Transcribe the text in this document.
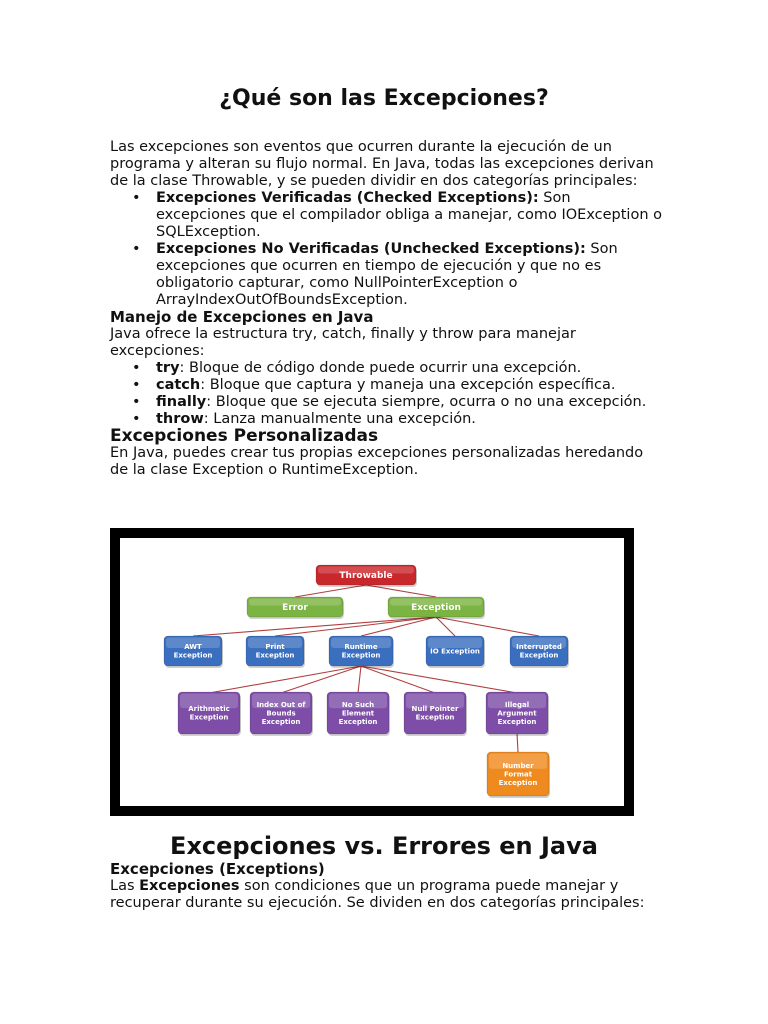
¿Qué son las Excepciones?
Las excepciones son eventos que ocurren durante la ejecución de un programa y alteran su flujo normal. En Java, todas las excepciones derivan de la clase Throwable, y se pueden dividir en dos categorías principales:
• Excepciones Verificadas (Checked Exceptions): Son excepciones que el compilador obliga a manejar, como IOException o SQLException.
• Excepciones No Verificadas (Unchecked Exceptions): Son excepciones que ocurren en tiempo de ejecución y que no es obligatorio capturar, como NullPointerException o ArrayIndexOutOfBoundsException.
Manejo de Excepciones en Java
Java ofrece la estructura try, catch, finally y throw para manejar excepciones:
• try: Bloque de código donde puede ocurrir una excepción.
• catch: Bloque que captura y maneja una excepción específica.
• finally: Bloque que se ejecuta siempre, ocurra o no una excepción.
• throw: Lanza manualmente una excepción.
Excepciones Personalizadas
En Java, puedes crear tus propias excepciones personalizadas heredando de la clase Exception o RuntimeException.
Throwable
Error	Exception
AWT
Exception
Print
Exception
Runtime
Exception
IO Exception
Interrupted
Exception
Arithmetic
Exception
Index Out of
Bounds
Exception
No Such
Element
Exception
Null Pointer
Exception
Illegal
Argument
Exception
Number
Format
Exception
Excepciones vs. Errores en Java
Excepciones (Exceptions)
Las Excepciones son condiciones que un programa puede manejar y recuperar durante su ejecución. Se dividen en dos categorías principales:
